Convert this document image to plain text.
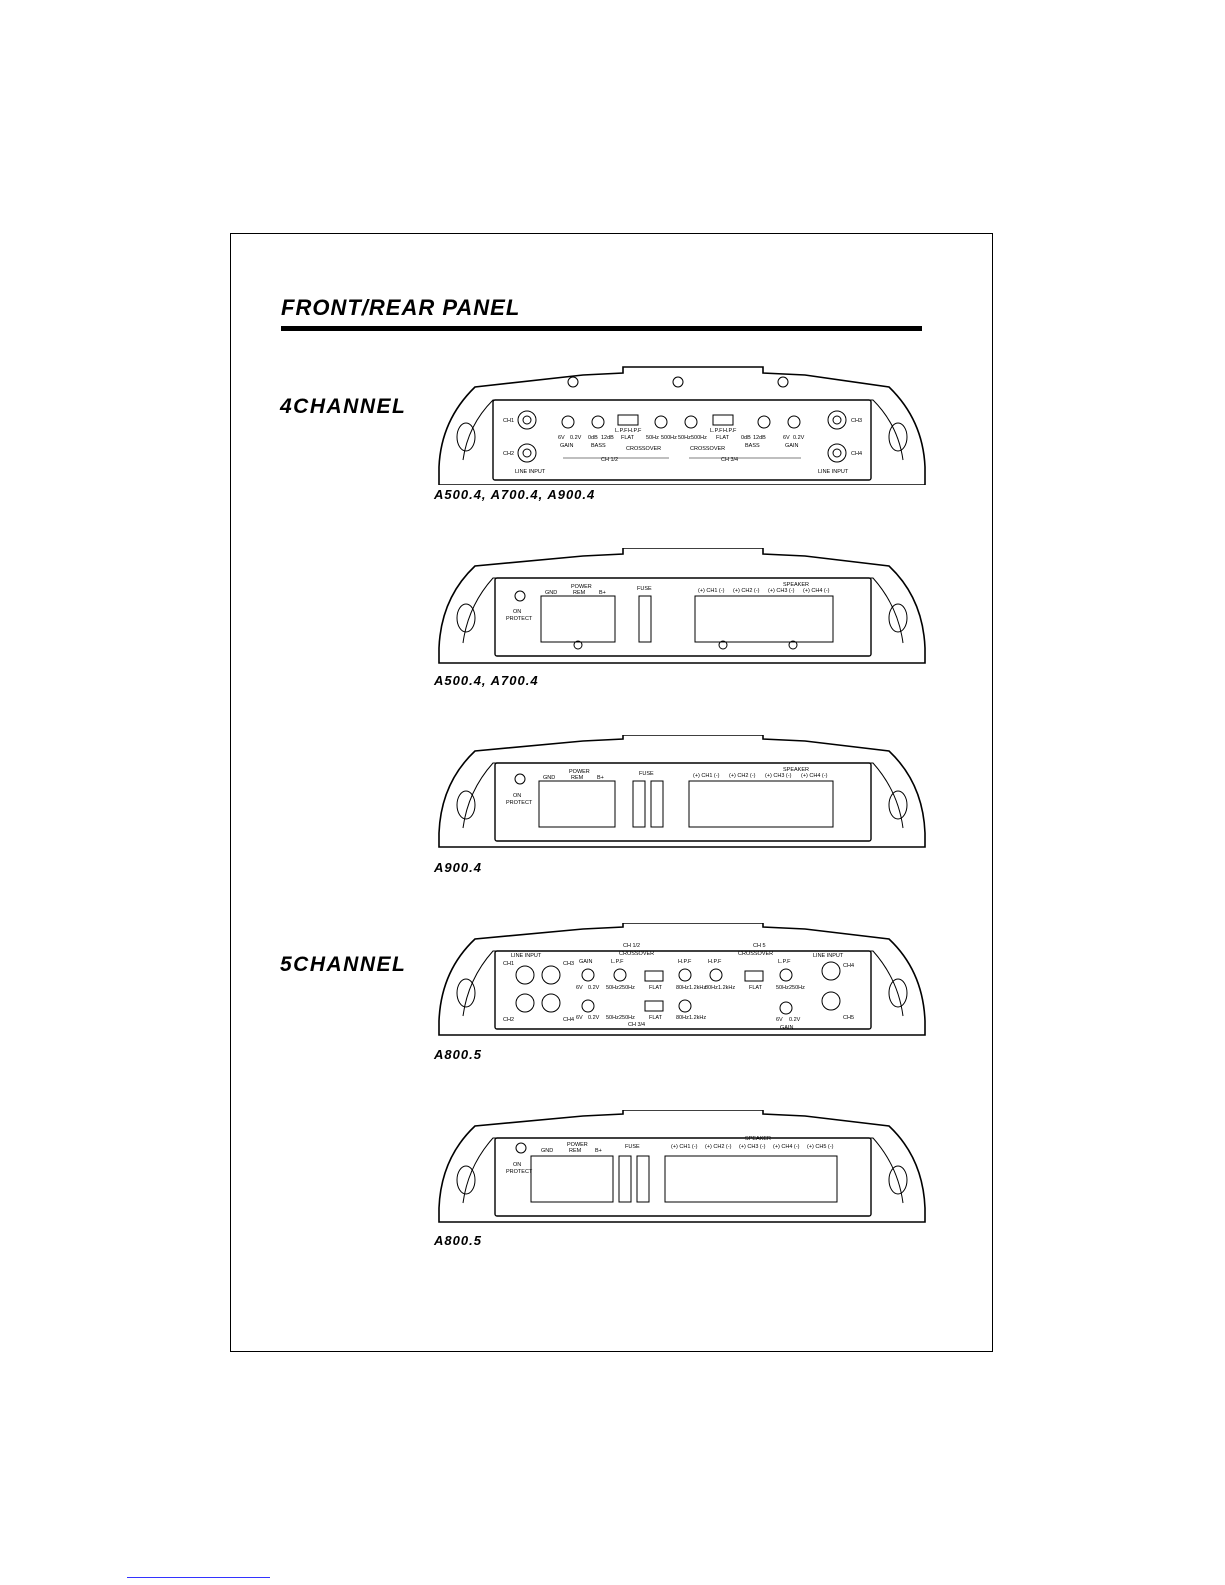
FRONT/REAR PANEL
4CHANNEL
5CHANNEL
CH1
CH2
CH3
CH4
LINE INPUT	LINE INPUT
6V 0.2V
GAIN
0dB 12dB
BASS
L.P.F H.P.F
FLAT 50Hz 500Hz
CROSSOVER
50Hz 500Hz
L.P.F H.P.F
FLAT
CROSSOVER
0dB 12dB
BASS
6V 0.2V
GAIN
CH 1/2	CH 3/4
A500.4, A700.4, A900.4
ON
PROTECT
GND
POWER
REM	B+
FUSE
SPEAKER
(+) CH1 (-) (+) CH2 (-) (+) CH3 (-) (+) CH4 (-)
A500.4, A700.4
ON
PROTECT
GND
POWER
REM	B+
FUSE
SPEAKER
(+) CH1 (-) (+) CH2 (-) (+) CH3 (-) (+) CH4 (-)
A900.4
LINE INPUT	LINE INPUT
CH1	CH3
CH2	CH4
CH4
CH5
CH 1/2	CH 5
CROSSOVER	CROSSOVER
GAIN	L.P.F	H.P.F	H.P.F	L.P.F
6V 0.2V 50Hz 250Hz	FLAT	80Hz 1.2kHz
80Hz 1.2kHz	FLAT	50Hz 250Hz
6V 0.2V 50Hz 250Hz	FLAT	80Hz 1.2kHz	6V 0.2V
GAIN
CH 3/4
A800.5
ON
PROTECT
GND
POWER
REM	B+
FUSE
SPEAKER
(+) CH1 (-) (+) CH2 (-) (+) CH3 (-) (+) CH4 (-) (+) CH5 (-)
A800.5
